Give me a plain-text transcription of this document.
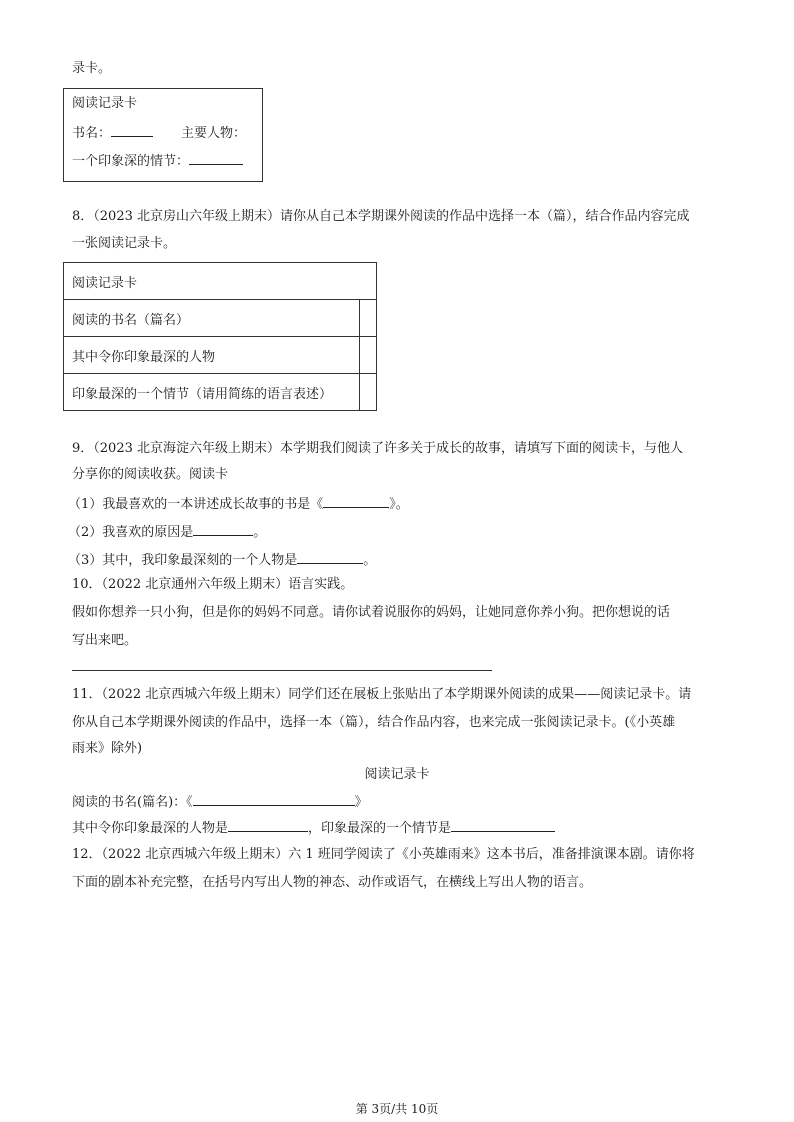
录卡。
阅读记录卡
书名：	主要人物：
一个印象深的情节：
8．（2023 北京房山六年级上期末）请你从自己本学期课外阅读的作品中选择一本（篇），结合作品内容完成
一张阅读记录卡。
阅读记录卡	
阅读的书名（篇名）	
其中令你印象最深的人物	
印象最深的一个情节（请用简练的语言表述）	
9．（2023 北京海淀六年级上期末）本学期我们阅读了许多关于成长的故事，请填写下面的阅读卡，与他人
分享你的阅读收获。阅读卡
（1）我最喜欢的一本讲述成长故事的书是《	》。
（2）我喜欢的原因是	。
（3）其中，我印象最深刻的一个人物是	。
10．（2022 北京通州六年级上期末）语言实践。
假如你想养一只小狗，但是你的妈妈不同意。请你试着说服你的妈妈，让她同意你养小狗。把你想说的话
写出来吧。
11．（2022 北京西城六年级上期末）同学们还在展板上张贴出了本学期课外阅读的成果——阅读记录卡。请
你从自己本学期课外阅读的作品中，选择一本（篇），结合作品内容，也来完成一张阅读记录卡。(《小英雄
雨来》除外)
阅读记录卡
阅读的书名(篇名)：《	》
其中令你印象最深的人物是	，印象最深的一个情节是
12．（2022 北京西城六年级上期末）六 1 班同学阅读了《小英雄雨来》这本书后，准备排演课本剧。请你将
下面的剧本补充完整，在括号内写出人物的神态、动作或语气，在横线上写出人物的语言。
第 3页/共 10页
